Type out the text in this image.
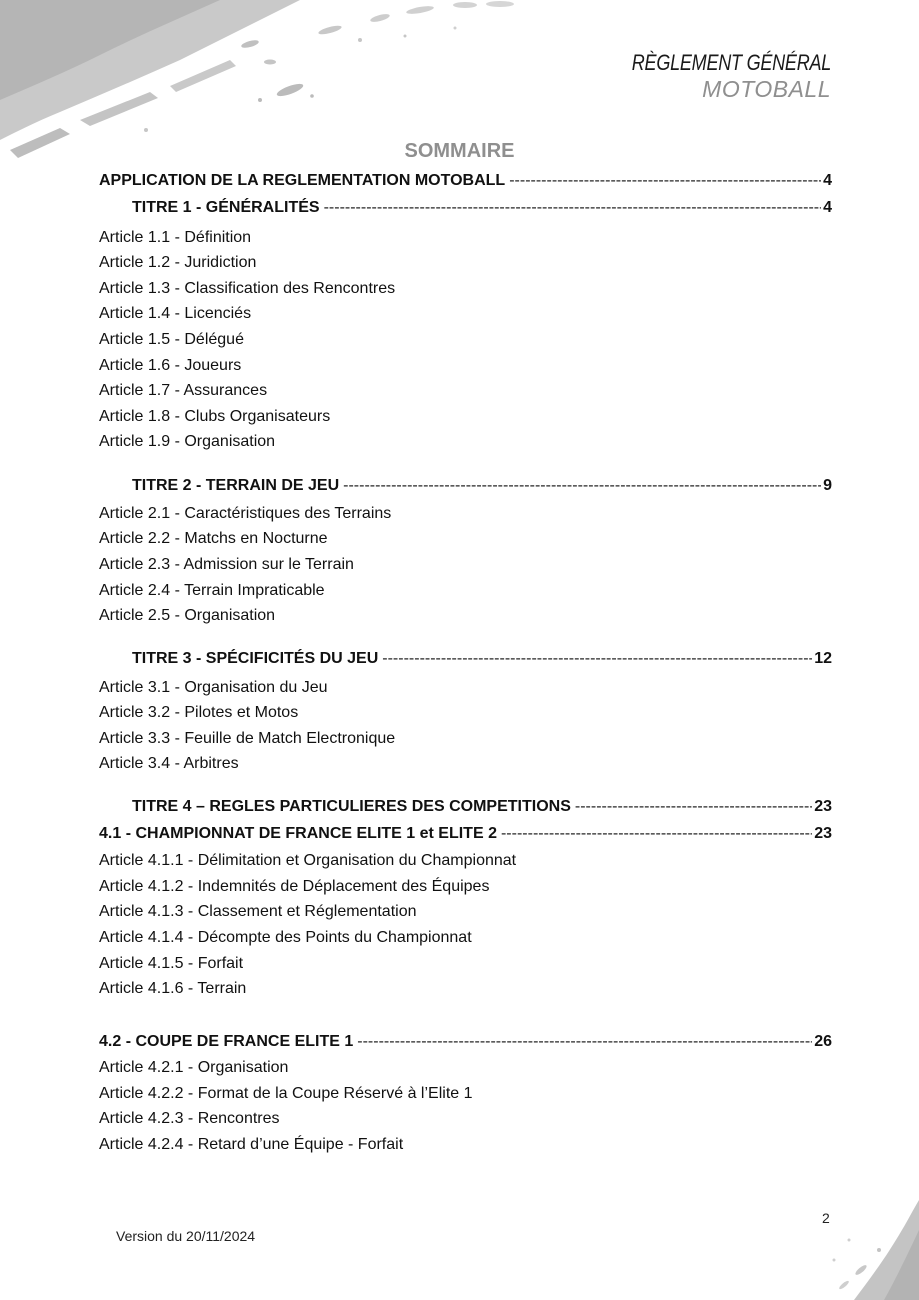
RÈGLEMENT GÉNÉRAL
MOTOBALL
SOMMAIRE
APPLICATION DE LA REGLEMENTATION MOTOBALL -----	4
TITRE 1 - GÉNÉRALITÉS -----	4
Article 1.1 - Définition
Article 1.2 - Juridiction
Article 1.3 - Classification des Rencontres
Article 1.4 - Licenciés
Article 1.5 - Délégué
Article 1.6 - Joueurs
Article 1.7 - Assurances
Article 1.8 - Clubs Organisateurs
Article 1.9 - Organisation
TITRE 2 - TERRAIN DE JEU -----	9
Article 2.1 - Caractéristiques des Terrains
Article 2.2 - Matchs en Nocturne
Article 2.3 - Admission sur le Terrain
Article 2.4 - Terrain Impraticable
Article 2.5 - Organisation
TITRE 3 - SPÉCIFICITÉS DU JEU -----	12
Article 3.1 - Organisation du Jeu
Article 3.2 - Pilotes et Motos
Article 3.3 - Feuille de Match Electronique
Article 3.4 - Arbitres
TITRE 4 – REGLES PARTICULIERES DES COMPETITIONS -----	23
4.1 - CHAMPIONNAT DE FRANCE ELITE 1 et ELITE 2 -----	23
Article 4.1.1 - Délimitation et Organisation du Championnat
Article 4.1.2 - Indemnités de Déplacement des Équipes
Article 4.1.3 - Classement et Réglementation
Article 4.1.4 - Décompte des Points du Championnat
Article 4.1.5 - Forfait
Article 4.1.6 - Terrain
4.2 - COUPE DE FRANCE ELITE 1 -----	26
Article 4.2.1 - Organisation
Article 4.2.2 - Format de la Coupe Réservé à l’Elite 1
Article 4.2.3 - Rencontres
Article 4.2.4 - Retard d’une Équipe - Forfait
Version du 20/11/2024
2
